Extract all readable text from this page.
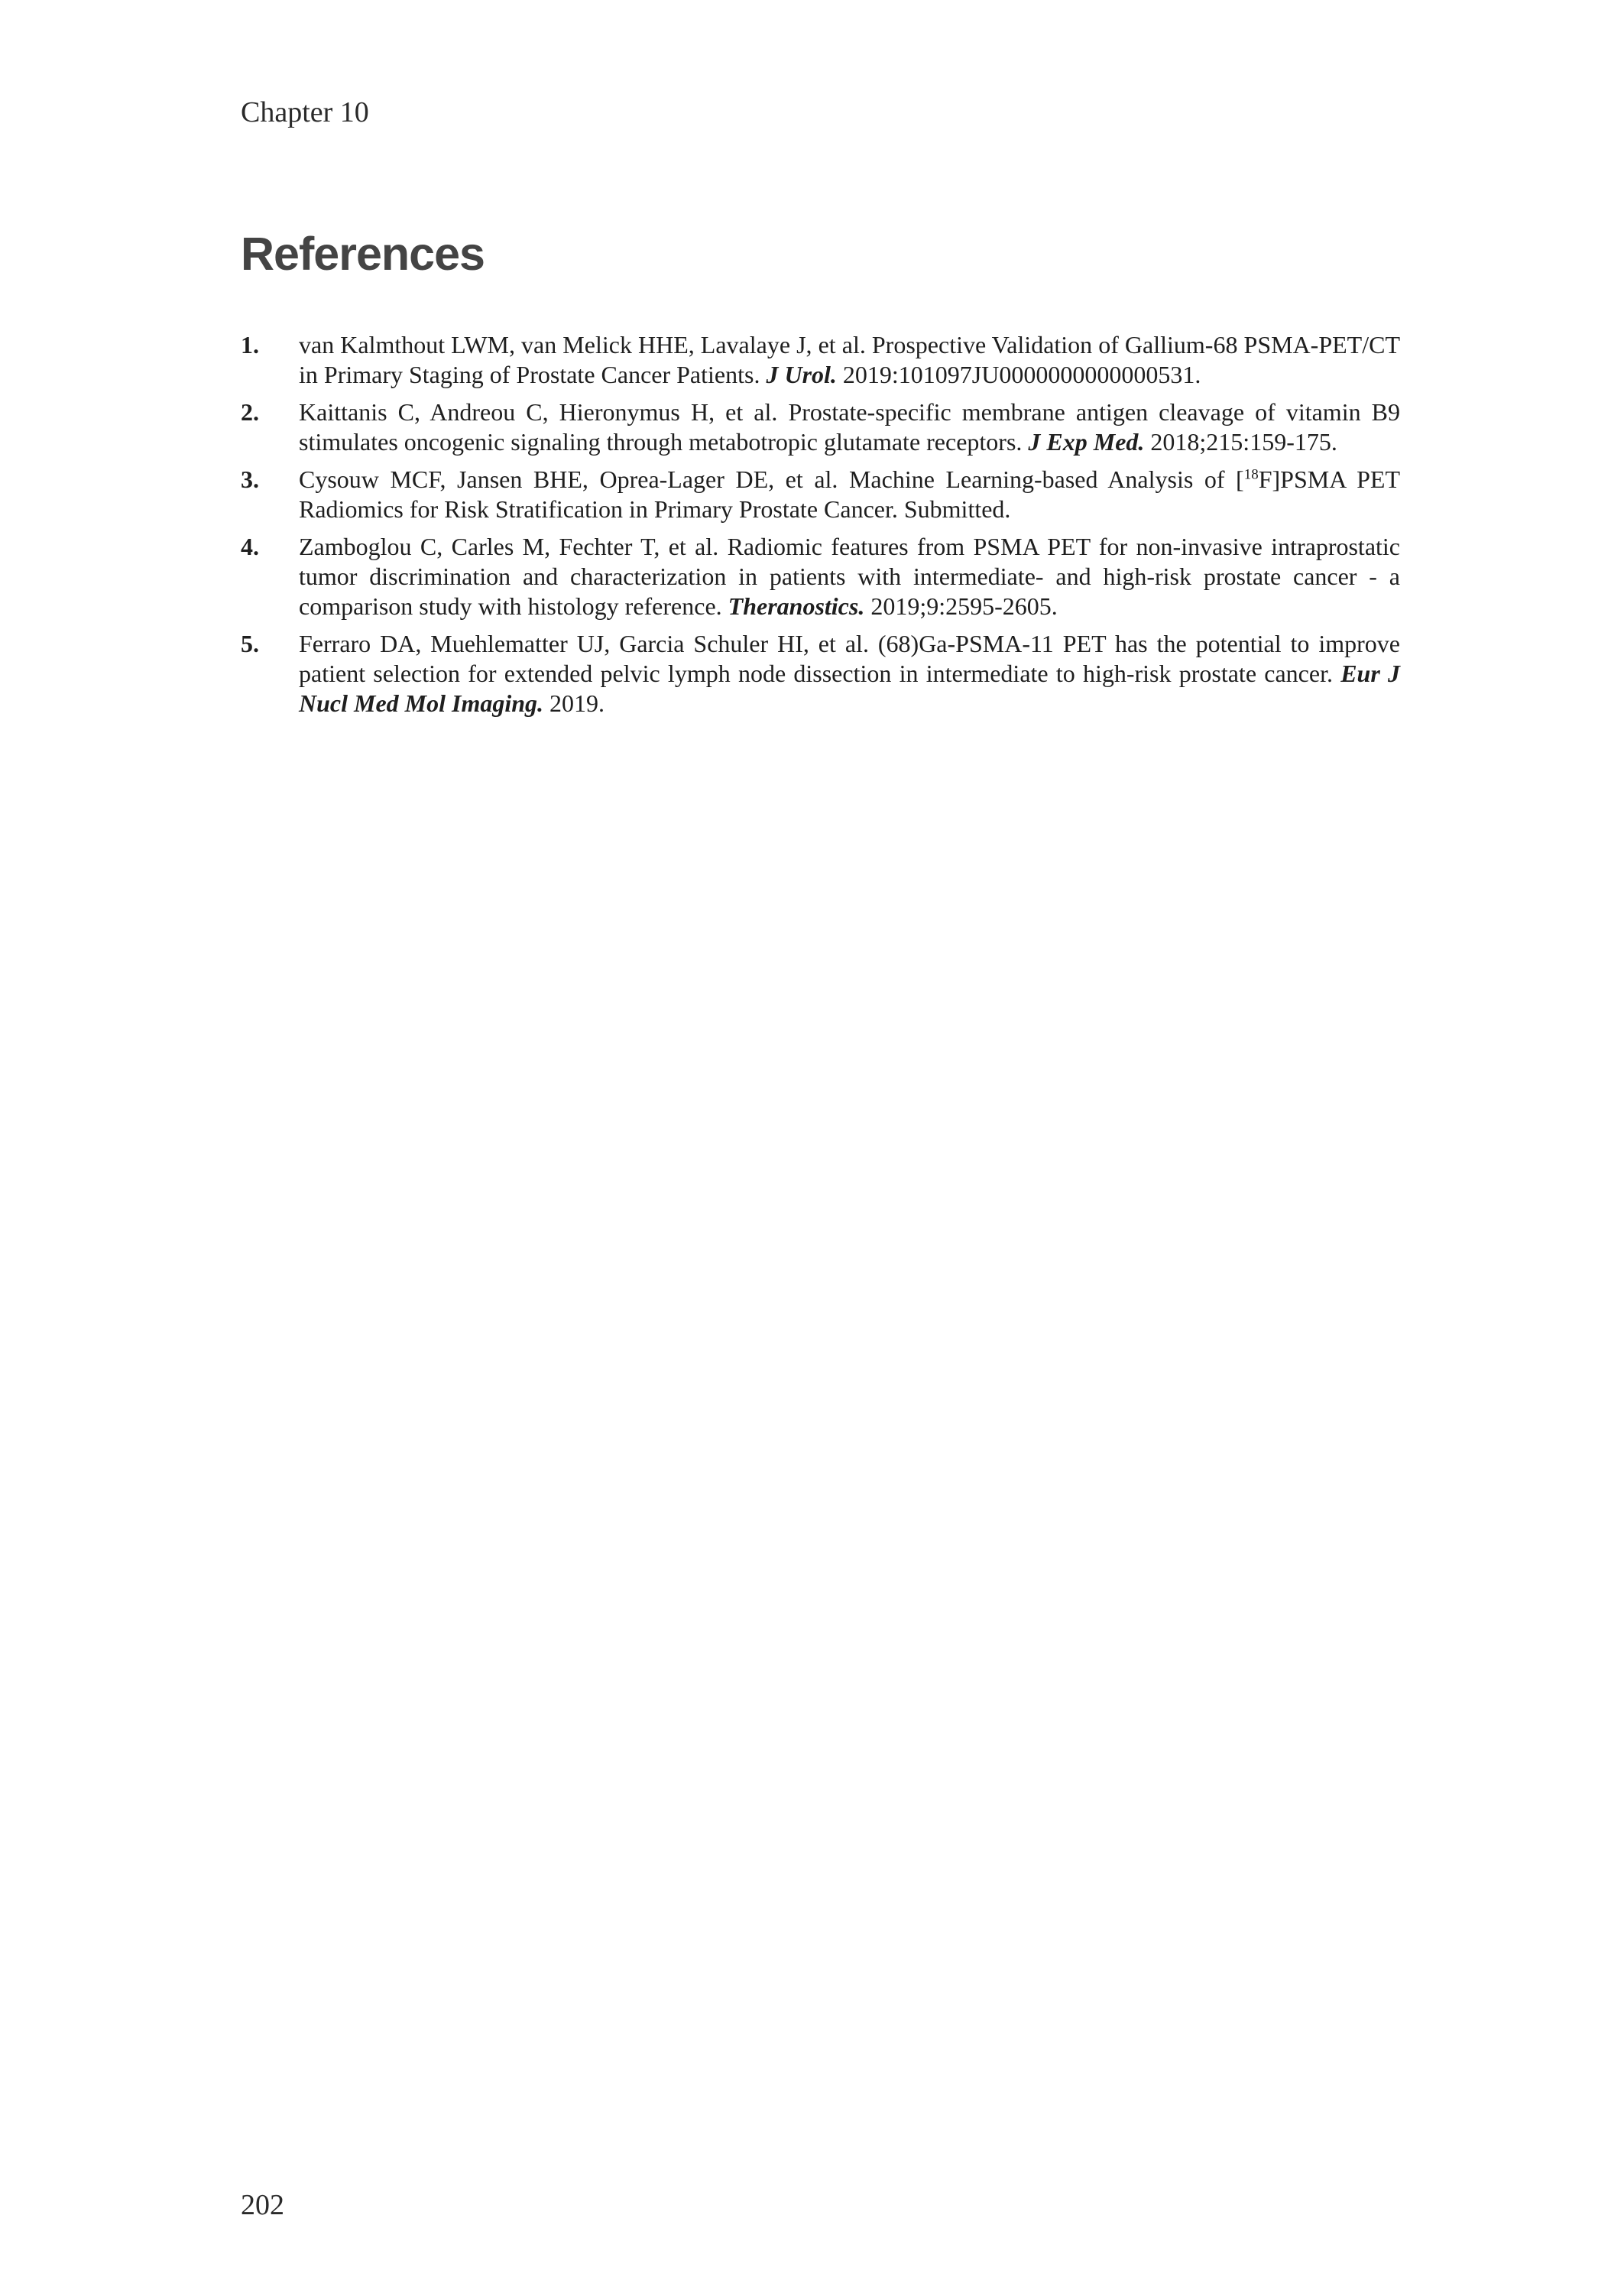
Chapter 10
References
1.	van Kalmthout LWM, van Melick HHE, Lavalaye J, et al. Prospective Validation of Gallium-68 PSMA-PET/CT in Primary Staging of Prostate Cancer Patients. J Urol. 2019:101097JU0000000000000531.
2.	Kaittanis C, Andreou C, Hieronymus H, et al. Prostate-specific membrane antigen cleavage of vitamin B9 stimulates oncogenic signaling through metabotropic glutamate receptors. J Exp Med. 2018;215:159-175.
3.	Cysouw MCF, Jansen BHE, Oprea-Lager DE, et al. Machine Learning-based Analysis of [$^{18}$F]PSMA PET Radiomics for Risk Stratification in Primary Prostate Cancer. Submitted.
4.	Zamboglou C, Carles M, Fechter T, et al. Radiomic features from PSMA PET for non-invasive intraprostatic tumor discrimination and characterization in patients with intermediate- and high-risk prostate cancer - a comparison study with histology reference. Theranostics. 2019;9:2595-2605.
5.	Ferraro DA, Muehlematter UJ, Garcia Schuler HI, et al. (68)Ga-PSMA-11 PET has the potential to improve patient selection for extended pelvic lymph node dissection in intermediate to high-risk prostate cancer. Eur J Nucl Med Mol Imaging. 2019.
202
